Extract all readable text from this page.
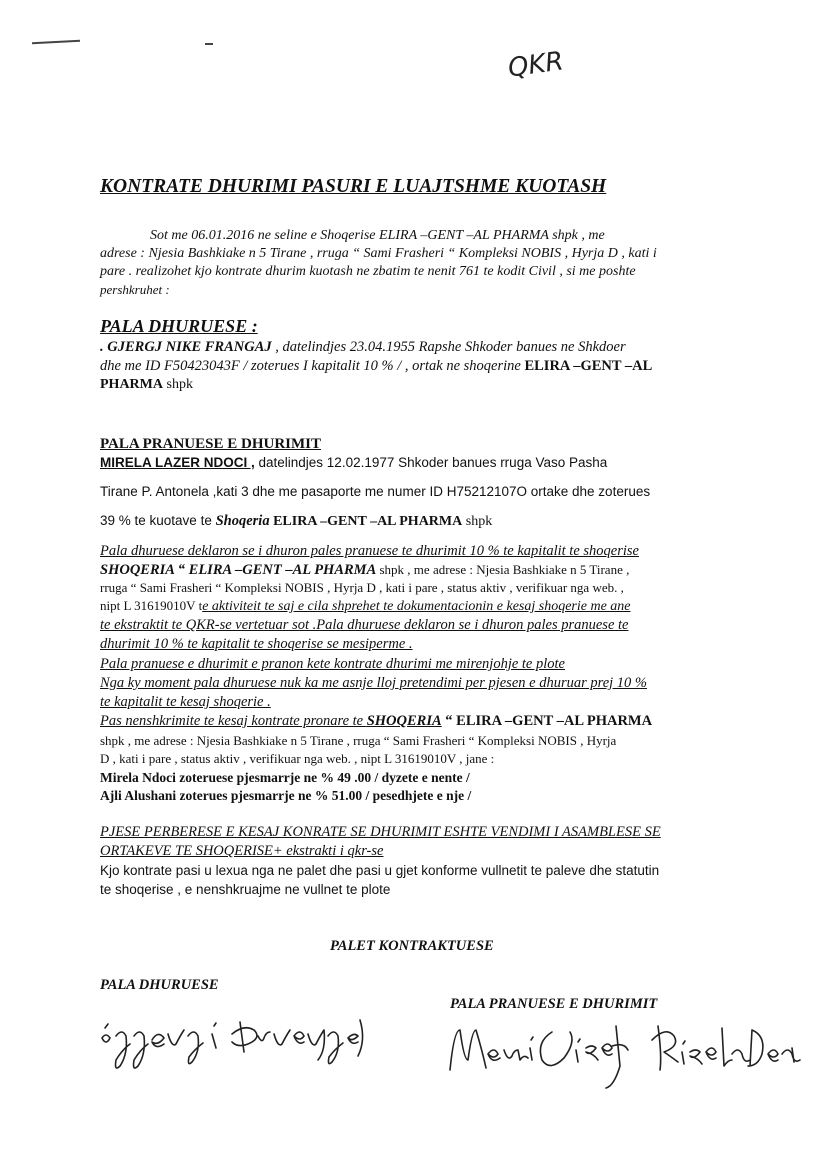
QKR
KONTRATE DHURIMI PASURI E LUAJTSHME KUOTASH
Sot me 06.01.2016 ne seline e Shoqerise ELIRA –GENT –AL PHARMA shpk , me
adrese : Njesia Bashkiake n 5 Tirane , rruga “ Sami Frasheri “ Kompleksi NOBIS , Hyrja D , kati i
pare . realizohet kjo kontrate dhurim kuotash ne zbatim te nenit 761 te kodit Civil , si me poshte
pershkruhet :
PALA DHURUESE :
. GJERGJ NIKE FRANGAJ , datelindjes 23.04.1955 Rapshe Shkoder banues ne Shkdoer
dhe me ID F50423043F / zoterues I kapitalit 10 % / , ortak ne shoqerine ELIRA –GENT –AL
PHARMA shpk
PALA PRANUESE E DHURIMIT
MIRELA LAZER NDOCI , datelindjes 12.02.1977 Shkoder banues rruga Vaso Pasha
Tirane P. Antonela ,kati 3 dhe me pasaporte me numer ID H75212107O ortake dhe zoterues
39 % te kuotave te Shoqeria ELIRA –GENT –AL PHARMA shpk
Pala dhuruese deklaron se i dhuron pales pranuese te dhurimit 10 % te kapitalit te shoqerise
SHOQERIA “ ELIRA –GENT –AL PHARMA shpk , me adrese : Njesia Bashkiake n 5 Tirane ,
rruga “ Sami Frasheri “ Kompleksi NOBIS , Hyrja D , kati i pare , status aktiv , verifikuar nga web. ,
nipt L 31619010V te aktiviteit te saj e cila shprehet te dokumentacionin e kesaj shoqerie me ane
te ekstraktit te QKR-se vertetuar sot .Pala dhuruese deklaron se i dhuron pales pranuese te
dhurimit 10 % te kapitalit te shoqerise se mesiperme .
Pala pranuese e dhurimit e pranon kete kontrate dhurimi me mirenjohje te plote
Nga ky moment pala dhuruese nuk ka me asnje lloj pretendimi per pjesen e dhuruar prej 10 %
te kapitalit te kesaj shoqerie .
Pas nenshkrimite te kesaj kontrate pronare te SHOQERIA “ ELIRA –GENT –AL PHARMA
shpk , me adrese : Njesia Bashkiake n 5 Tirane , rruga “ Sami Frasheri “ Kompleksi NOBIS , Hyrja
D , kati i pare , status aktiv , verifikuar nga web. , nipt L 31619010V , jane :
Mirela Ndoci zoteruese pjesmarrje ne % 49 .00 / dyzete e nente /
Ajli Alushani zoterues pjesmarrje ne % 51.00 / pesedhjete e nje /
PJESE PERBERESE E KESAJ KONRATE SE DHURIMIT ESHTE VENDIMI I ASAMBLESE SE
ORTAKEVE TE SHOQERISE+ ekstrakti i qkr-se
Kjo kontrate pasi u lexua nga ne palet dhe pasi u gjet konforme vullnetit te paleve dhe statutin
te shoqerise , e nenshkruajme ne vullnet te plote
PALET KONTRAKTUESE
PALA DHURUESE
PALA PRANUESE E DHURIMIT
